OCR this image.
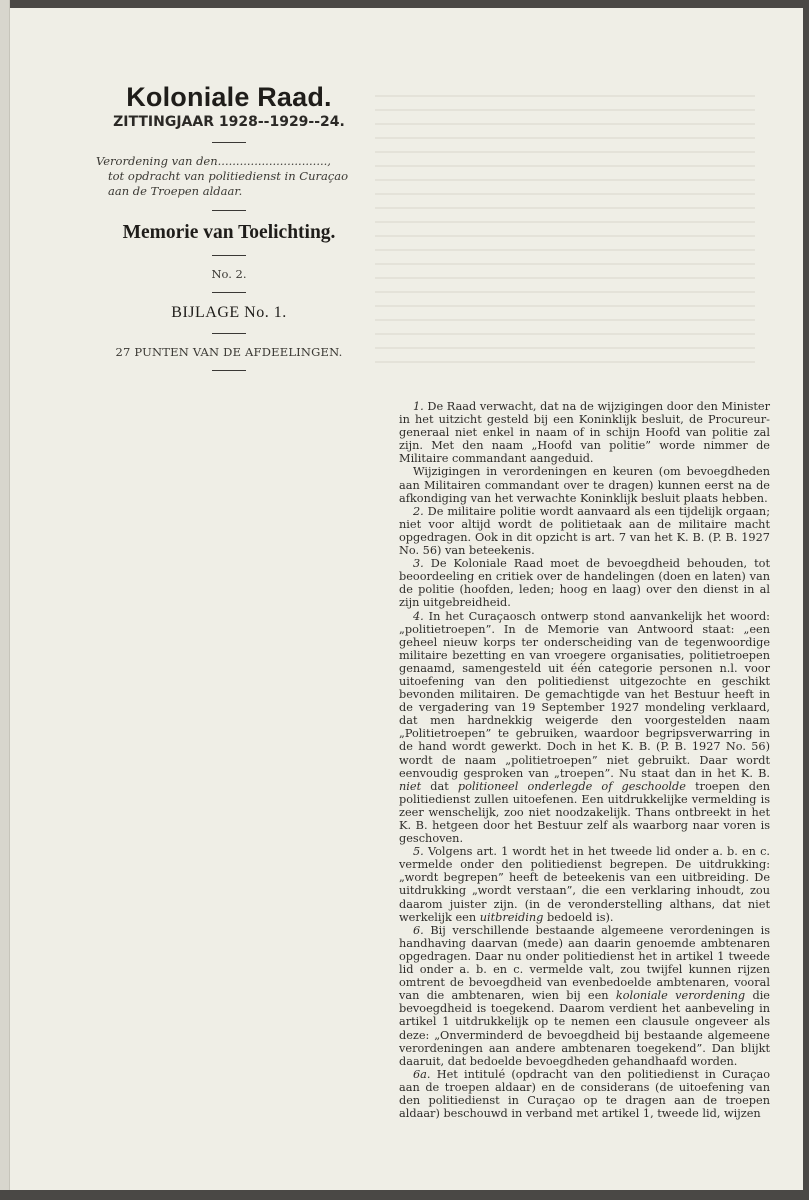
Koloniale Raad.
ZITTINGJAAR 1928--1929--24.
Verordening van den..............................,
tot opdracht van politiedienst in Curaçao
aan de Troepen aldaar.
Memorie van Toelichting.
No. 2.
BIJLAGE No. 1.
27 PUNTEN VAN DE AFDEELINGEN.

1. De Raad verwacht, dat na de wijzigingen door den Minister in het uitzicht gesteld bij een Koninklijk besluit, de Procureur-generaal niet enkel in naam of in schijn Hoofd van politie zal zijn. Met den naam „Hoofd van politie” worde nimmer de Militaire commandant aangeduid.

Wijzigingen in verordeningen en keuren (om bevoegdheden aan Militairen commandant over te dragen) kunnen eerst na de afkondiging van het verwachte Koninklijk besluit plaats hebben.

2. De militaire politie wordt aanvaard als een tijdelijk orgaan; niet voor altijd wordt de politietaak aan de militaire macht opgedragen. Ook in dit opzicht is art. 7 van het K. B. (P. B. 1927 No. 56) van beteekenis.

3. De Koloniale Raad moet de bevoegdheid behouden, tot beoordeeling en critiek over de handelingen (doen en laten) van de politie (hoofden, leden; hoog en laag) over den dienst in al zijn uitgebreidheid.

4. In het Curaçaosch ontwerp stond aanvankelijk het woord: „politietroepen”. In de Memorie van Antwoord staat: „een geheel nieuw korps ter onderscheiding van de tegenwoordige militaire bezetting en van vroegere organisaties, politietroepen genaamd, samengesteld uit één categorie personen n.l. voor uitoefening van den politiedienst uitgezochte en geschikt bevonden militairen. De gemachtigde van het Bestuur heeft in de vergadering van 19 September 1927 mondeling verklaard, dat men hardnekkig weigerde den voorgestelden naam „Politietroepen” te gebruiken, waardoor begripsverwarring in de hand wordt gewerkt. Doch in het K. B. (P. B. 1927 No. 56) wordt de naam „politietroepen” niet gebruikt. Daar wordt eenvoudig gesproken van „troepen”. Nu staat dan in het K. B. niet dat politioneel onderlegde of geschoolde troepen den politiedienst zullen uitoefenen. Een uitdrukkelijke vermelding is zeer wenschelijk, zoo niet noodzakelijk. Thans ontbreekt in het K. B. hetgeen door het Bestuur zelf als waarborg naar voren is geschoven.

5. Volgens art. 1 wordt het in het tweede lid onder a. b. en c. vermelde onder den politiedienst begrepen. De uitdrukking: „wordt begrepen” heeft de beteekenis van een uitbreiding. De uitdrukking „wordt verstaan”, die een verklaring inhoudt, zou daarom juister zijn. (in de veronderstelling althans, dat niet werkelijk een uitbreiding bedoeld is).

6. Bij verschillende bestaande algemeene verordeningen is handhaving daarvan (mede) aan daarin genoemde ambtenaren opgedragen. Daar nu onder politiedienst het in artikel 1 tweede lid onder a. b. en c. vermelde valt, zou twijfel kunnen rijzen omtrent de bevoegdheid van evenbedoelde ambtenaren, vooral van die ambtenaren, wien bij een koloniale verordening die bevoegdheid is toegekend. Daarom verdient het aanbeveling in artikel 1 uitdrukkelijk op te nemen een clausule ongeveer als deze: „Onverminderd de bevoegdheid bij bestaande algemeene verordeningen aan andere ambtenaren toegekend”. Dan blijkt daaruit, dat bedoelde bevoegdheden gehandhaafd worden.

6a. Het intitulé (opdracht van den politiedienst in Curaçao aan de troepen aldaar) en de considerans (de uitoefening van den politiedienst in Curaçao op te dragen aan de troepen aldaar) beschouwd in verband met artikel 1, tweede lid, wijzen
